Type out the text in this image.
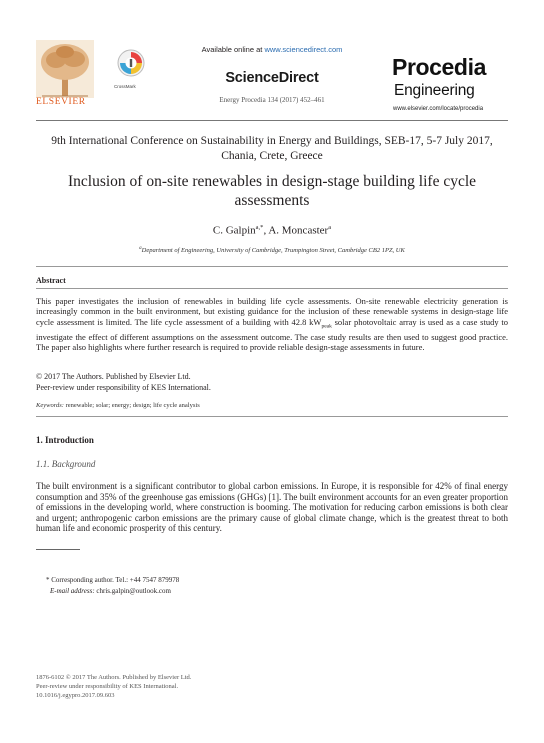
ELSEVIER
CrossMark
Available online at www.sciencedirect.com
ScienceDirect
Energy Procedia 134 (2017) 452–461
Procedia
Engineering
www.elsevier.com/locate/procedia
9th International Conference on Sustainability in Energy and Buildings, SEB-17, 5-7 July 2017,
Chania, Crete, Greece
Inclusion of on-site renewables in design-stage building life cycle
assessments
C. Galpin$^{a,*}$, A. Moncaster$^a$
$^a$Department of Engineering, University of Cambridge, Trumpington Street, Cambridge CB2 1PZ, UK
Abstract
This paper investigates the inclusion of renewables in building life cycle assessments. On-site renewable electricity generation is increasingly common in the built environment, but existing guidance for the inclusion of these renewable systems in design-stage life cycle assessment is limited. The life cycle assessment of a building with 42.8 $kW_{peak}$ solar photovoltaic array is used as a case study to investigate the effect of different assumptions on the assessment outcome. The case study results are then used to suggest good practice. The paper also highlights where further research is required to provide reliable design-stage assessments in future.
© 2017 The Authors. Published by Elsevier Ltd.
Peer-review under responsibility of KES International.
Keywords: renewable; solar; energy; design; life cycle analysis
1. Introduction
1.1. Background
The built environment is a significant contributor to global carbon emissions. In Europe, it is responsible for 42% of final energy consumption and 35% of the greenhouse gas emissions (GHGs) [1]. The built environment accounts for an even greater proportion of emissions in the developing world, where construction is booming. The motivation for reducing carbon emissions is both clear and urgent; anthropogenic carbon emissions are the primary cause of global climate change, which is the greatest threat to both human life and economic prosperity of this century.
* Corresponding author. Tel.: +44 7547 879978
E-mail address: chris.galpin@outlook.com
1876-6102 © 2017 The Authors. Published by Elsevier Ltd.
Peer-review under responsibility of KES International.
10.1016/j.egypro.2017.09.603
